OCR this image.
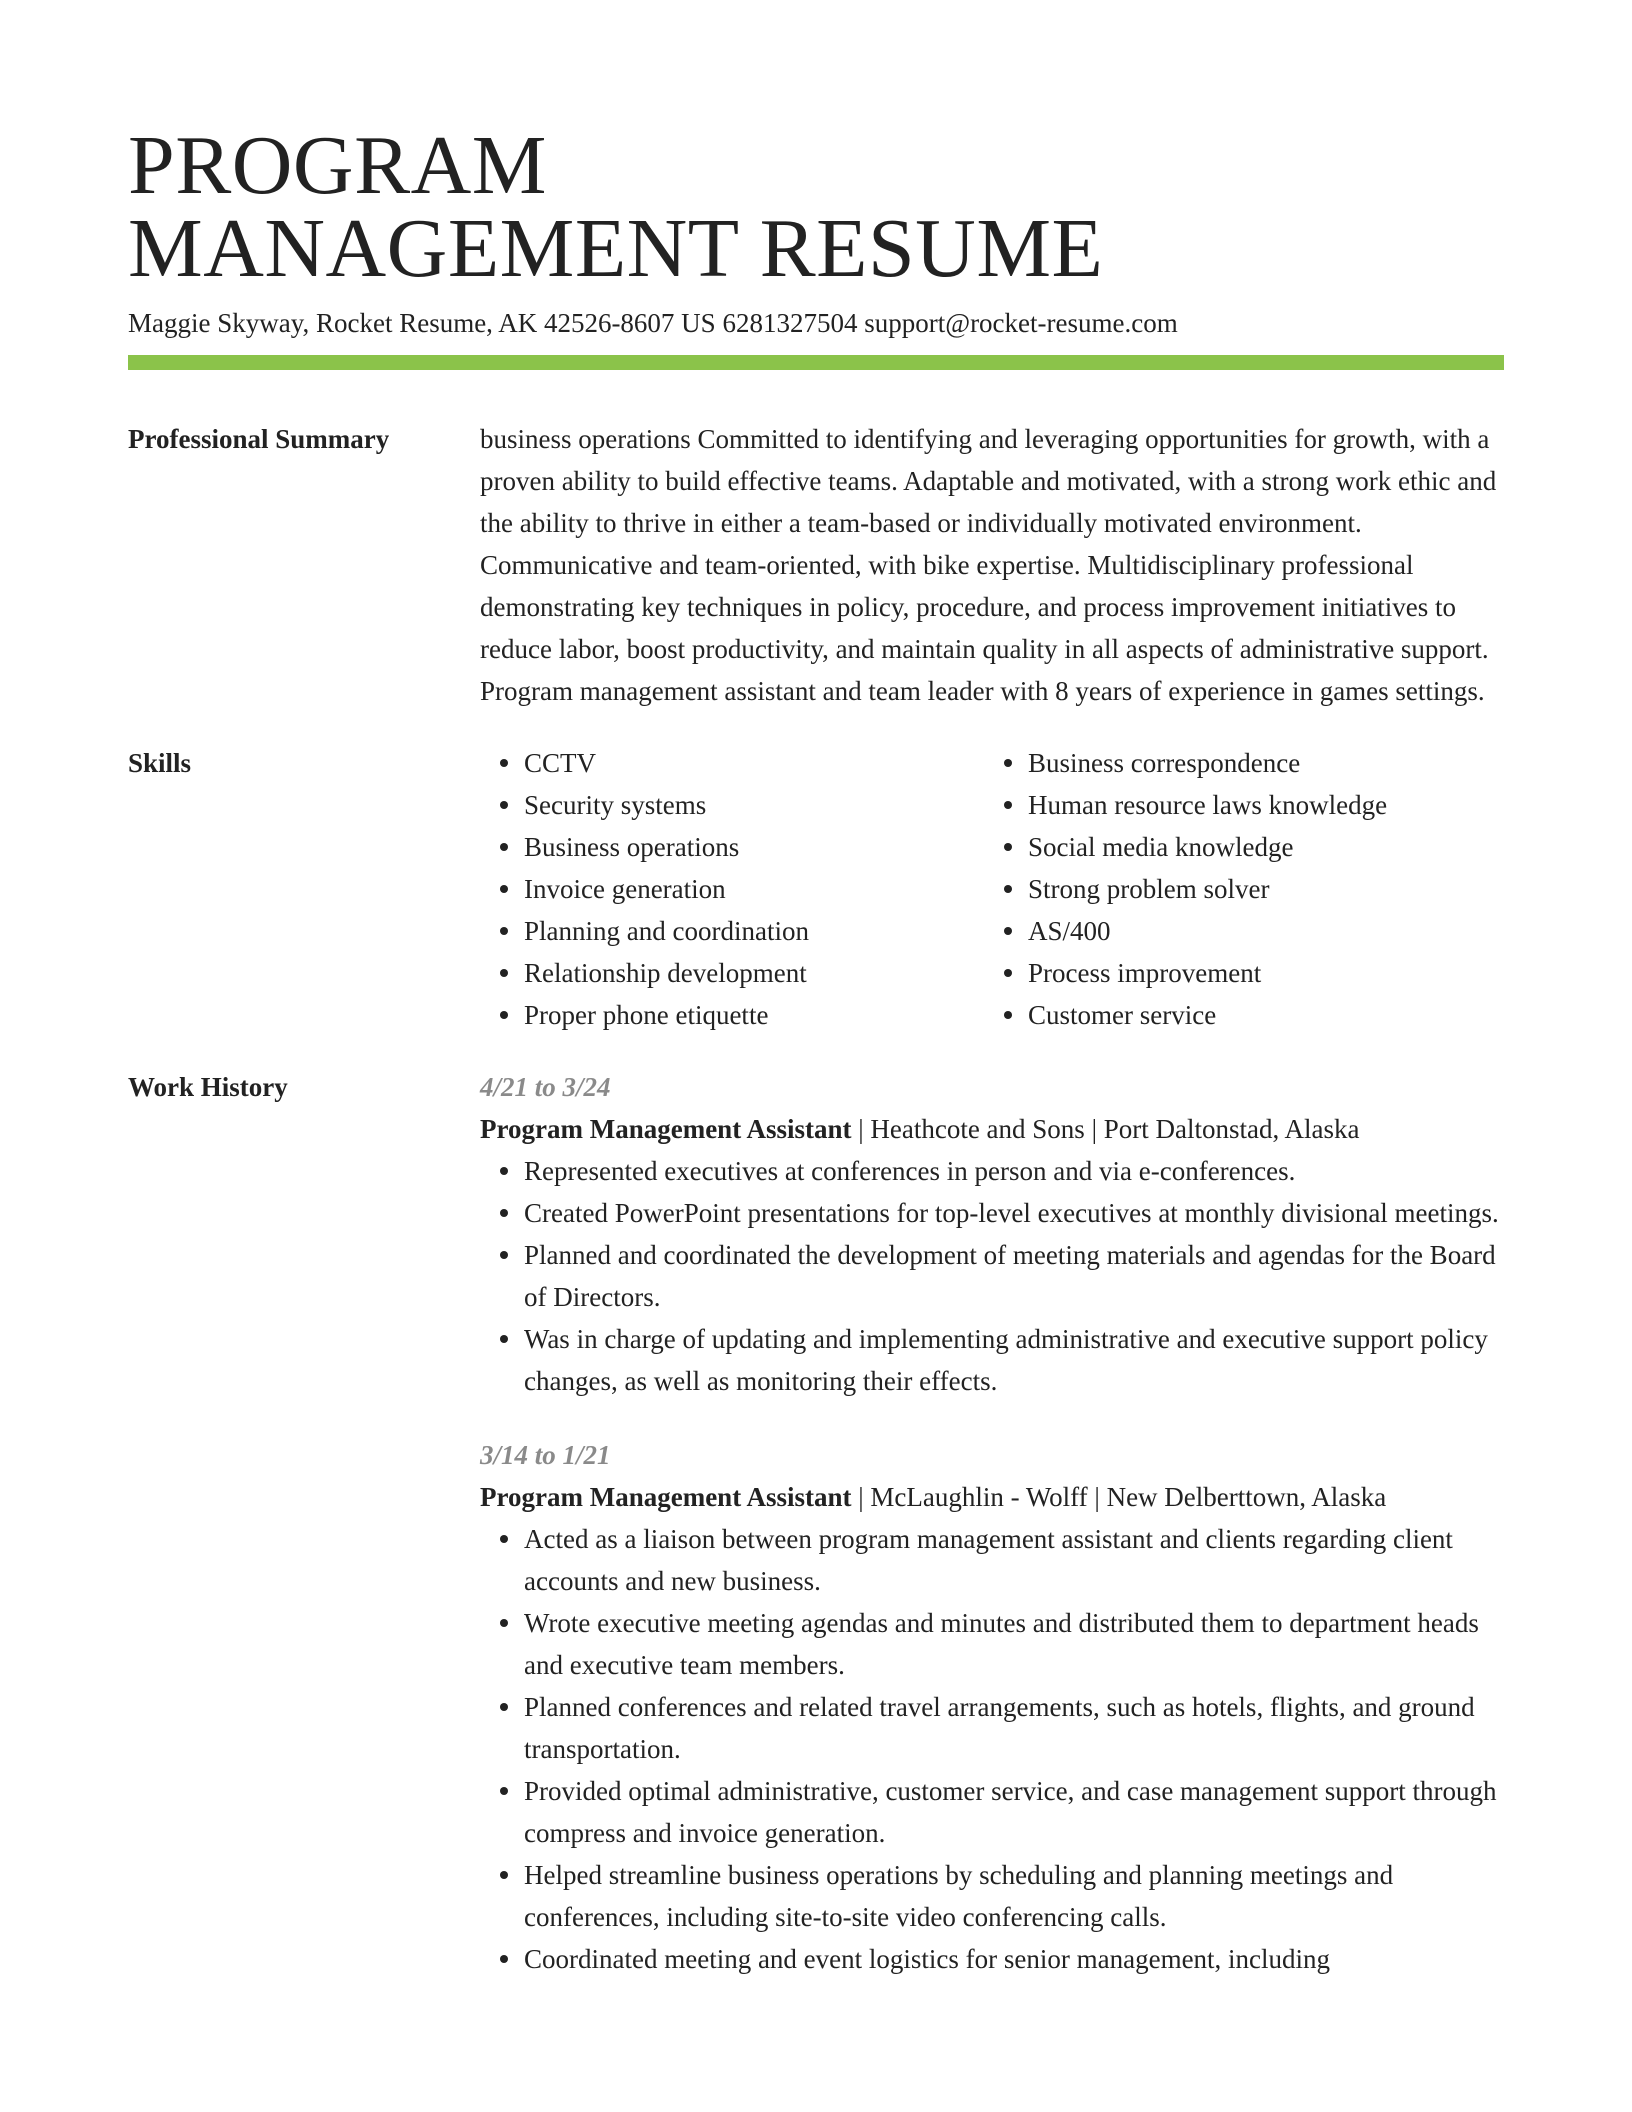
PROGRAM
MANAGEMENT RESUME
Maggie Skyway, Rocket Resume, AK 42526-8607 US 6281327504 support@rocket-resume.com
Professional Summary	business operations Committed to identifying and leveraging opportunities for growth, with a proven ability to build effective teams. Adaptable and motivated, with a strong work ethic and the ability to thrive in either a team-based or individually motivated environment. Communicative and team-oriented, with bike expertise. Multidisciplinary professional demonstrating key techniques in policy, procedure, and process improvement initiatives to reduce labor, boost productivity, and maintain quality in all aspects of administrative support. Program management assistant and team leader with 8 years of experience in games settings.
Skills	CCTV
Security systems
Business operations
Invoice generation
Planning and coordination
Relationship development
Proper phone etiquette
Business correspondence
Human resource laws knowledge
Social media knowledge
Strong problem solver
AS/400
Process improvement
Customer service
Work History	4/21 to 3/24
Program Management Assistant | Heathcote and Sons | Port Daltonstad, Alaska
Represented executives at conferences in person and via e-conferences.
Created PowerPoint presentations for top-level executives at monthly divisional meetings.
Planned and coordinated the development of meeting materials and agendas for the Board of Directors.
Was in charge of updating and implementing administrative and executive support policy changes, as well as monitoring their effects.
3/14 to 1/21
Program Management Assistant | McLaughlin - Wolff | New Delberttown, Alaska
Acted as a liaison between program management assistant and clients regarding client accounts and new business.
Wrote executive meeting agendas and minutes and distributed them to department heads and executive team members.
Planned conferences and related travel arrangements, such as hotels, flights, and ground transportation.
Provided optimal administrative, customer service, and case management support through compress and invoice generation.
Helped streamline business operations by scheduling and planning meetings and conferences, including site-to-site video conferencing calls.
Coordinated meeting and event logistics for senior management, including
